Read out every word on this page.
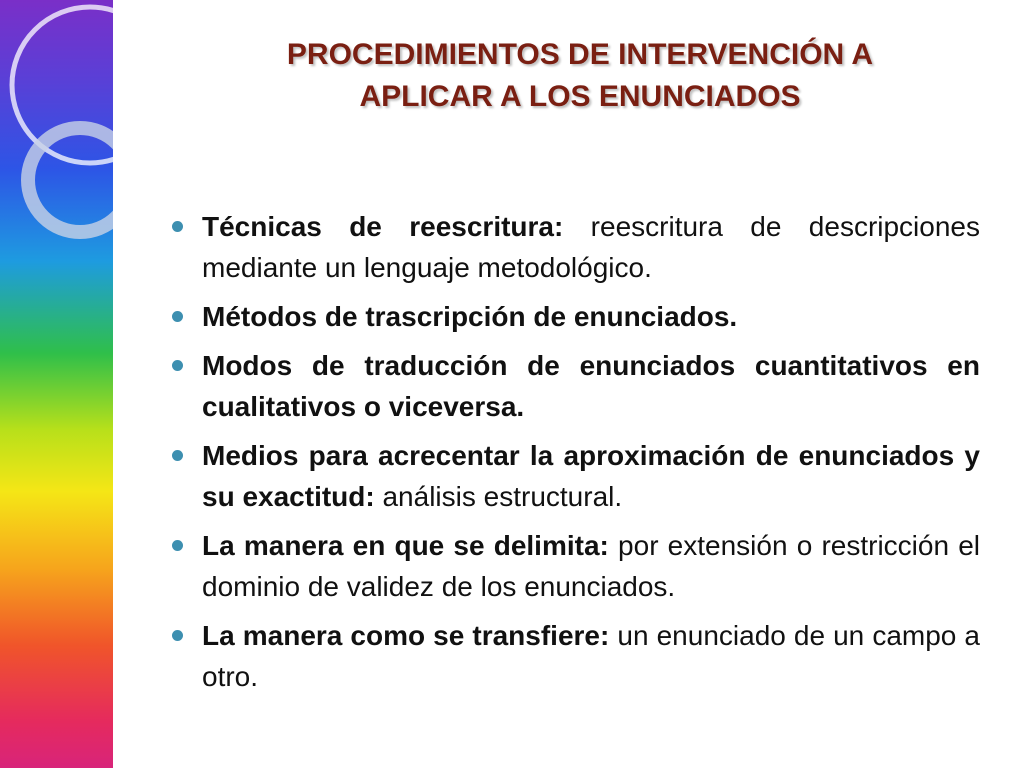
PROCEDIMIENTOS DE INTERVENCIÓN A
APLICAR A LOS ENUNCIADOS
Técnicas de reescritura: reescritura de descripciones mediante un lenguaje metodológico.
Métodos de trascripción de enunciados.
Modos de traducción de enunciados cuantitativos en cualitativos o viceversa.
Medios para acrecentar la aproximación de enunciados y su exactitud: análisis estructural.
La manera en que se delimita: por extensión o restricción el dominio de validez de los enunciados.
La manera como se transfiere: un enunciado de un campo a otro.
